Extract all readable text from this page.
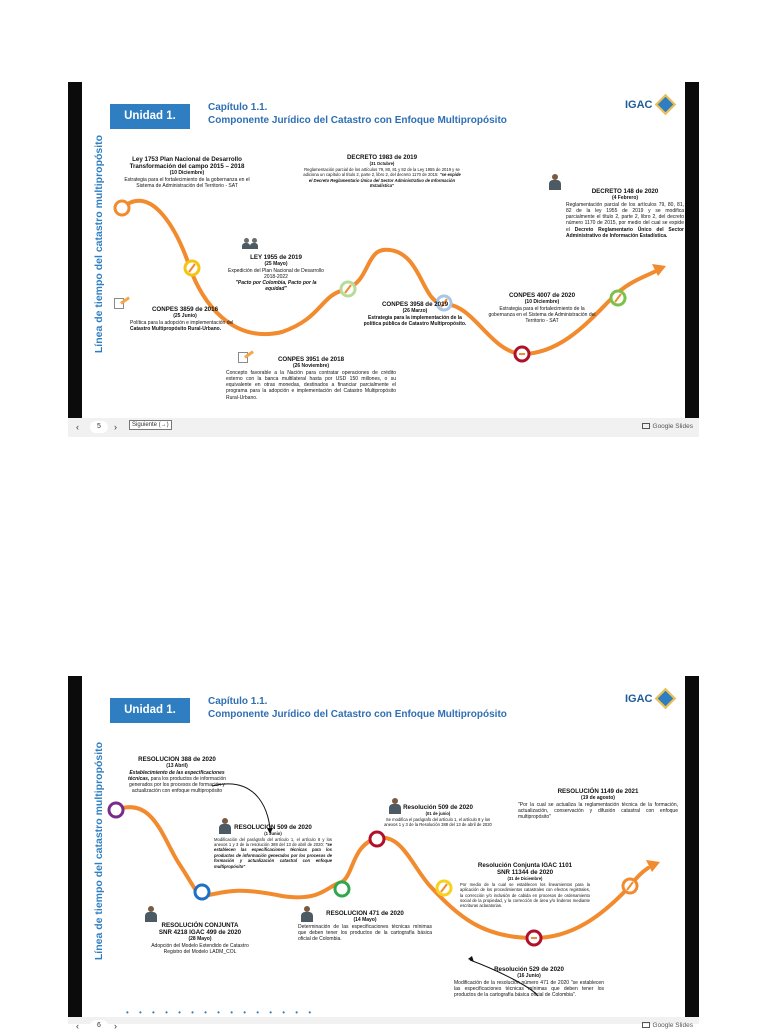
Unidad 1.
Capítulo 1.1.
Componente Jurídico del Catastro con Enfoque Multipropósito
IGAC
Línea de tiempo del catastro multipropósito	Ley 1753 Plan Nacional de Desarrollo
Transformación del campo 2015 – 2018
(10 Diciembre)
Estrategia para el fortalecimiento de la gobernanza en el Sistema de Administración del Territorio - SAT
DECRETO 1983 de 2019
(31 Octubre)
Reglamentación parcial de los artículos 79, 80, 81 y 82 de la Ley 1955 de 2019 y se adiciona un capítulo al título 2, parte 2, libro 2, del decreto 1170 de 2015: "se expide el Decreto Reglamentario Único del Sector Administrativo de Información Estadística"
DECRETO 148 de 2020
(4 Febrero)
Reglamentación parcial de los artículos 79, 80, 81, 82 de la ley 1955 de 2019 y se modifica parcialmente el título 2, parte 2, libro 2, del decreto número 1170 de 2015, por medio del cual se expide el Decreto Reglamentario Único del Sector Administrativo de Información Estadística.
LEY 1955 de 2019
(25 Mayo)
Expedición del Plan Nacional de Desarrollo 2018-2022
"Pacto por Colombia, Pacto por la equidad"
CONPES 3859 de 2016
(25 Junio)
Política para la adopción e implementación del Catastro Multipropósito Rural-Urbano.
CONPES 3958 de 2019
(26 Marzo)
Estrategia para la implementación de la política pública de Catastro Multipropósito.
CONPES 4007 de 2020
(10 Diciembre)
Estrategia para el fortalecimiento de la gobernanza en el Sistema de Administración del Territorio - SAT
CONPES 3951 de 2018
(26 Noviembre)
Concepto favorable a la Nación para contratar operaciones de crédito externo con la banca multilateral hasta por USD 150 millones, o su equivalente en otras monedas, destinados a financiar parcialmente el programa para la adopción e implementación del Catastro Multipropósito Rural-Urbano.
‹	5	›	Siguiente (→)	Google Slides
Unidad 1.
Capítulo 1.1.
Componente Jurídico del Catastro con Enfoque Multipropósito
IGAC
Línea de tiempo del catastro multipropósito	RESOLUCION 388 de 2020
(13 Abril)
Establecimiento de las especificaciones técnicas, para los productos de información generados por los procesos de formación y actualización con enfoque multipropósito
RESOLUCION 509 de 2020
(1 Junio)
Modificación del parágrafo del artículo 1, el artículo 8 y los anexos 1 y 3 de la resolución 388 del 13 de abril de 2020: "se establecen las especificaciones técnicas para los productos de información generados por los procesos de formación y actualización catastral con enfoque multipropósito"
Resolución 509 de 2020
(01 de junio)
Se modifica el parágrafo del artículo 1, el artículo 8 y los anexos 1 y 3 de la Resolución 388 del 13 de abril de 2020
RESOLUCIÓN 1149 de 2021
(19 de agosto)
"Por la cual se actualiza la reglamentación técnica de la formación, actualización, conservación y difusión catastral con enfoque multipropósito"
Resolución Conjunta IGAC 1101
SNR 11344 de 2020
(31 de Diciembre)
Por medio de la cual se establecen los lineamientos para la aplicación de los procedimientos catastrales con efectos registrales, la corrección y/o inclusión de cabida en procesos de ordenamiento social de la propiedad, y la corrección de área y/o linderos mediante escrituras aclaratorias.
RESOLUCIÓN CONJUNTA
SNR 4218 IGAC 499 de 2020
(28 Mayo)
Adopción del Modelo Extendido de Catastro Registro del Modelo LADM_COL
RESOLUCION 471 de 2020
(14 Mayo)
Determinación de las especificaciones técnicas mínimas que deben tener los productos de la cartografía básica oficial de Colombia.
Resolución 529 de 2020
(16 Junio)
Modificación de la resolución número 471 de 2020 "se establecen las especificaciones técnicas mínimas que deben tener los productos de la cartografía básica oficial de Colombia".
• • • • • • • • • • • • • • •
‹	6	›	Google Slides
